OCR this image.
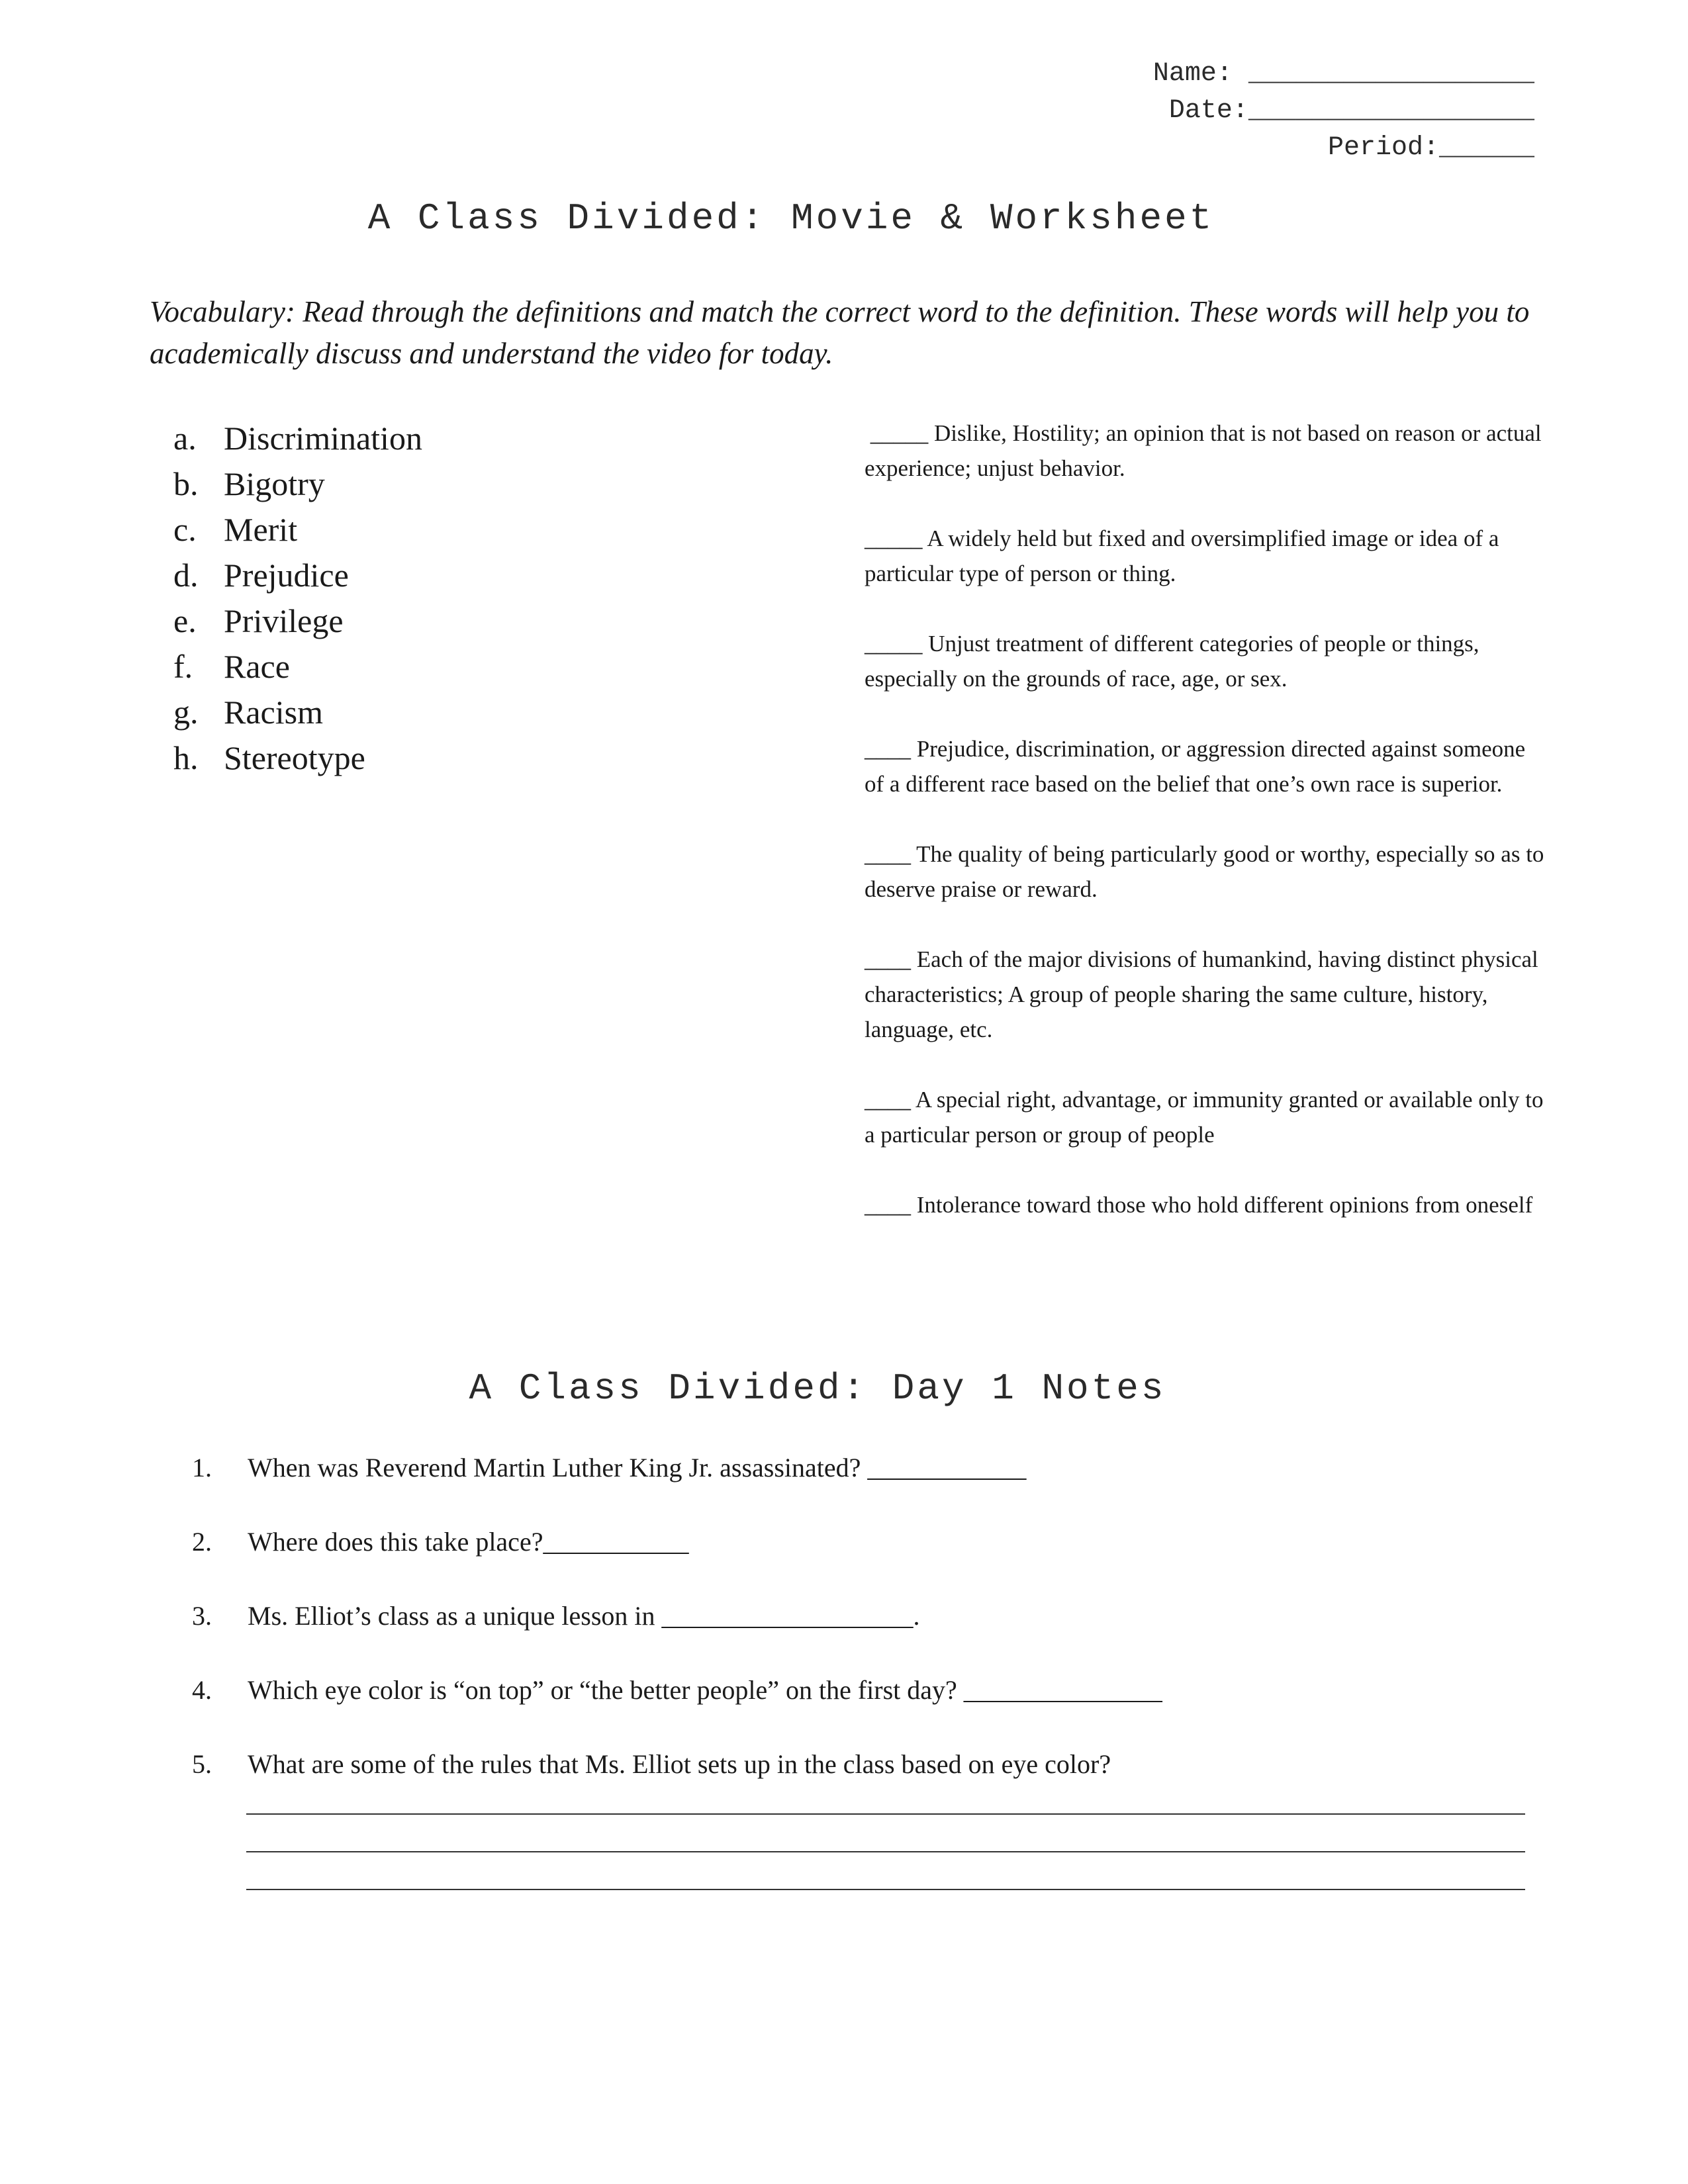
Name: __________________
Date:__________________
Period:______
A Class Divided: Movie & Worksheet
Vocabulary: Read through the definitions and match the correct word to the definition. These words will help you to academically discuss and understand the video for today.
a. Discrimination
b. Bigotry
c. Merit
d. Prejudice
e. Privilege
f. Race
g. Racism
h. Stereotype

_____ Dislike, Hostility; an opinion that is not based on reason or actual   experience; unjust behavior.

_____ A widely held but fixed and oversimplified image or idea of a particular type of person or thing.

_____ Unjust treatment of different categories of people or things, especially on the grounds of race, age, or sex.

____ Prejudice, discrimination, or aggression directed against someone of a different race based on the belief that one’s own race is superior.

____ The quality of being particularly good or worthy, especially so as to deserve praise or reward.

____ Each of the major divisions of humankind, having distinct physical characteristics; A group of people sharing the same culture, history, language, etc.

____ A special right, advantage, or immunity granted or available only to a particular person or group of people

____ Intolerance toward those who hold different opinions from oneself

A Class Divided: Day 1 Notes
1.	When was Reverend Martin Luther King Jr. assassinated? ____________
2.	Where does this take place?___________
3.	Ms. Elliot’s class as a unique lesson in ___________________.
4.	Which eye color is “on top” or “the better people” on the first day? _______________
5.	What are some of the rules that Ms. Elliot sets up in the class based on eye color?
